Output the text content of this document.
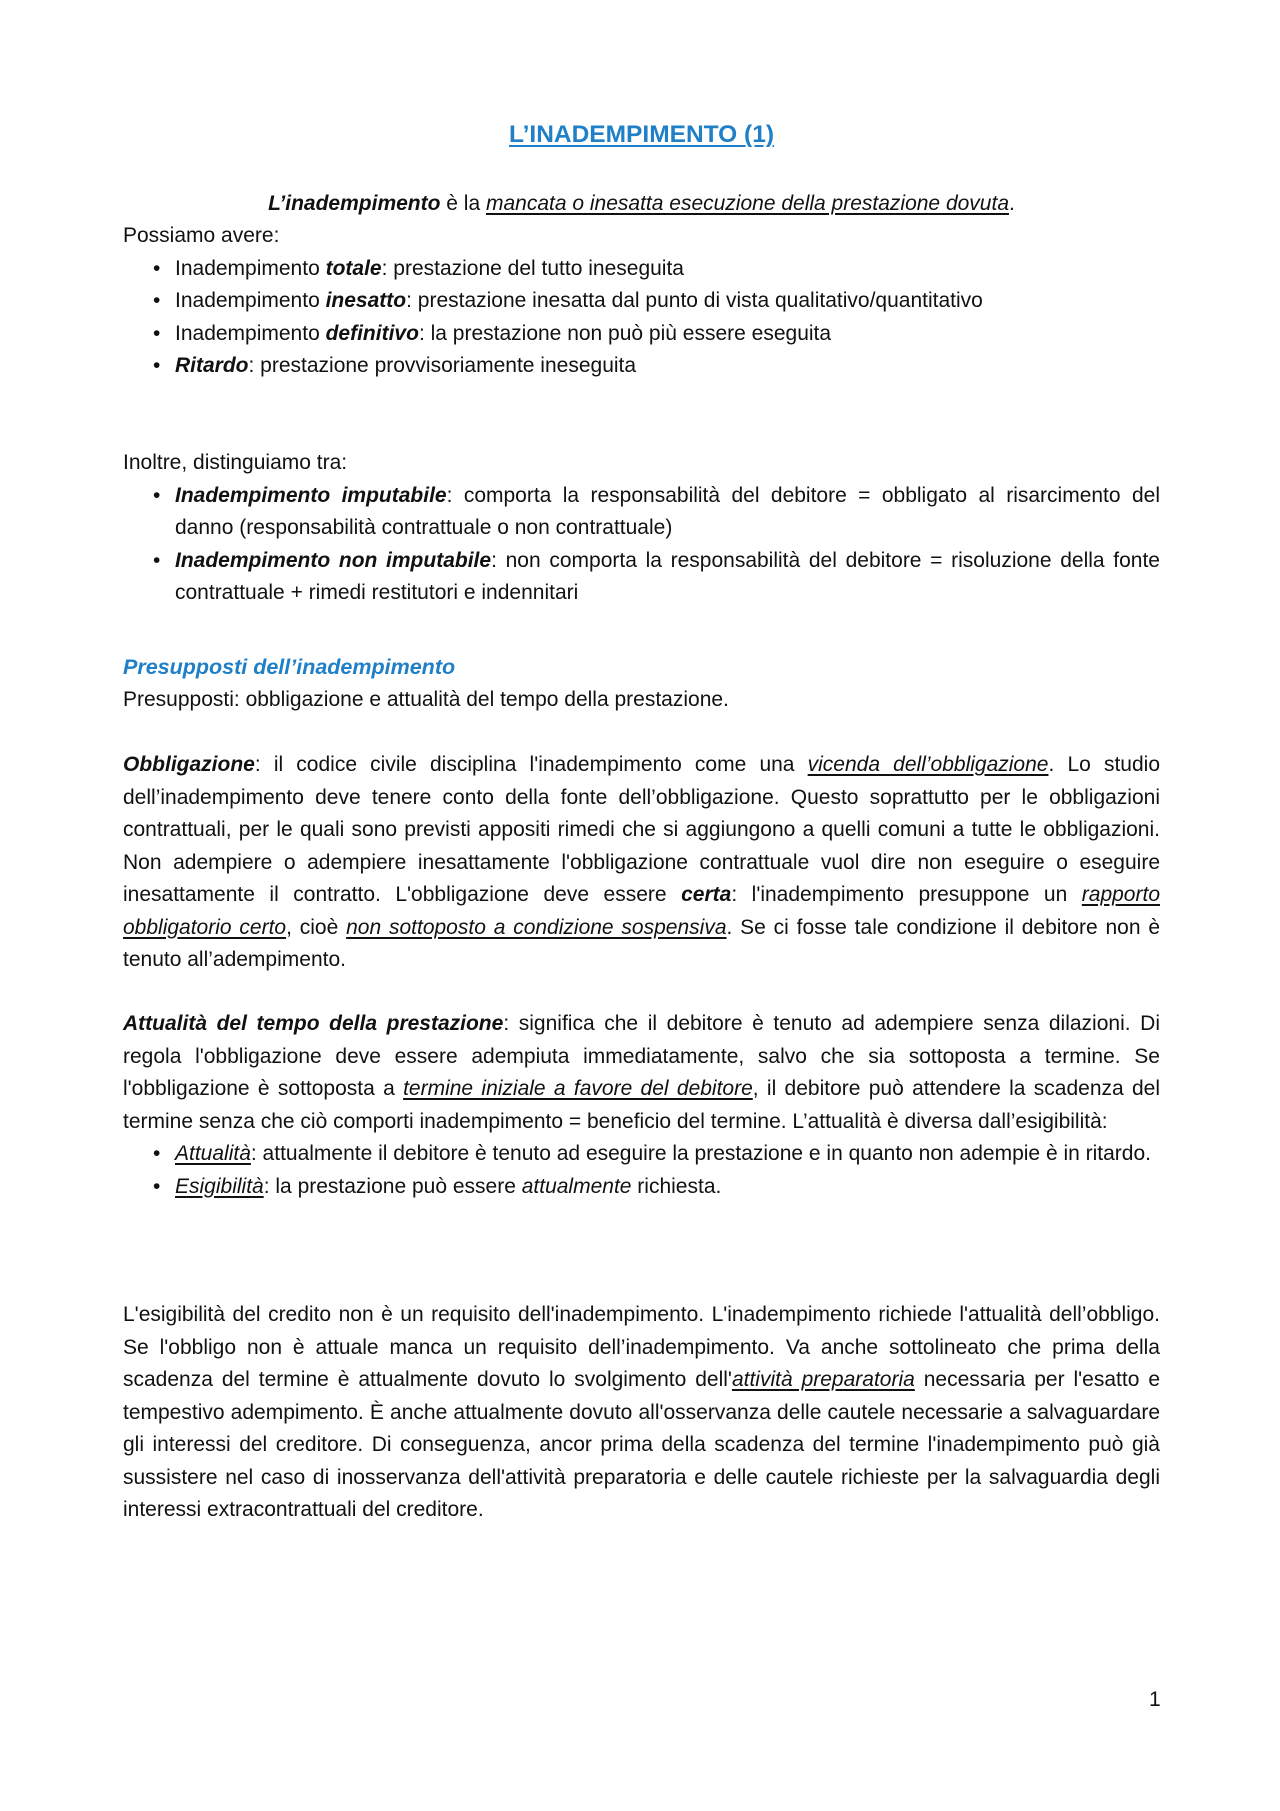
L’INADEMPIMENTO (1)
L’inadempimento è la mancata o inesatta esecuzione della prestazione dovuta.
Possiamo avere:
• Inadempimento totale: prestazione del tutto ineseguita
• Inadempimento inesatto: prestazione inesatta dal punto di vista qualitativo/quantitativo
• Inadempimento definitivo: la prestazione non può più essere eseguita
• Ritardo: prestazione provvisoriamente ineseguita
Inoltre, distinguiamo tra:
• Inadempimento imputabile: comporta la responsabilità del debitore = obbligato al risarcimento del danno (responsabilità contrattuale o non contrattuale)
• Inadempimento non imputabile: non comporta la responsabilità del debitore = risoluzione della fonte contrattuale + rimedi restitutori e indennitari
Presupposti dell’inadempimento
Presupposti: obbligazione e attualità del tempo della prestazione.
Obbligazione: il codice civile disciplina l'inadempimento come una vicenda dell’obbligazione. Lo studio dell’inadempimento deve tenere conto della fonte dell’obbligazione. Questo soprattutto per le obbligazioni contrattuali, per le quali sono previsti appositi rimedi che si aggiungono a quelli comuni a tutte le obbligazioni. Non adempiere o adempiere inesattamente l'obbligazione contrattuale vuol dire non eseguire o eseguire inesattamente il contratto. L'obbligazione deve essere certa: l'inadempimento presuppone un rapporto obbligatorio certo, cioè non sottoposto a condizione sospensiva. Se ci fosse tale condizione il debitore non è tenuto all’adempimento.
Attualità del tempo della prestazione: significa che il debitore è tenuto ad adempiere senza dilazioni. Di regola l'obbligazione deve essere adempiuta immediatamente, salvo che sia sottoposta a termine. Se l'obbligazione è sottoposta a termine iniziale a favore del debitore, il debitore può attendere la scadenza del termine senza che ciò comporti inadempimento = beneficio del termine. L’attualità è diversa dall’esigibilità:
• Attualità: attualmente il debitore è tenuto ad eseguire la prestazione e in quanto non adempie è in ritardo.
• Esigibilità: la prestazione può essere attualmente richiesta.
L'esigibilità del credito non è un requisito dell'inadempimento. L'inadempimento richiede l'attualità dell’obbligo. Se l'obbligo non è attuale manca un requisito dell’inadempimento. Va anche sottolineato che prima della scadenza del termine è attualmente dovuto lo svolgimento dell'attività preparatoria necessaria per l'esatto e tempestivo adempimento. È anche attualmente dovuto all'osservanza delle cautele necessarie a salvaguardare gli interessi del creditore. Di conseguenza, ancor prima della scadenza del termine l'inadempimento può già sussistere nel caso di inosservanza dell'attività preparatoria e delle cautele richieste per la salvaguardia degli interessi extracontrattuali del creditore.
1
